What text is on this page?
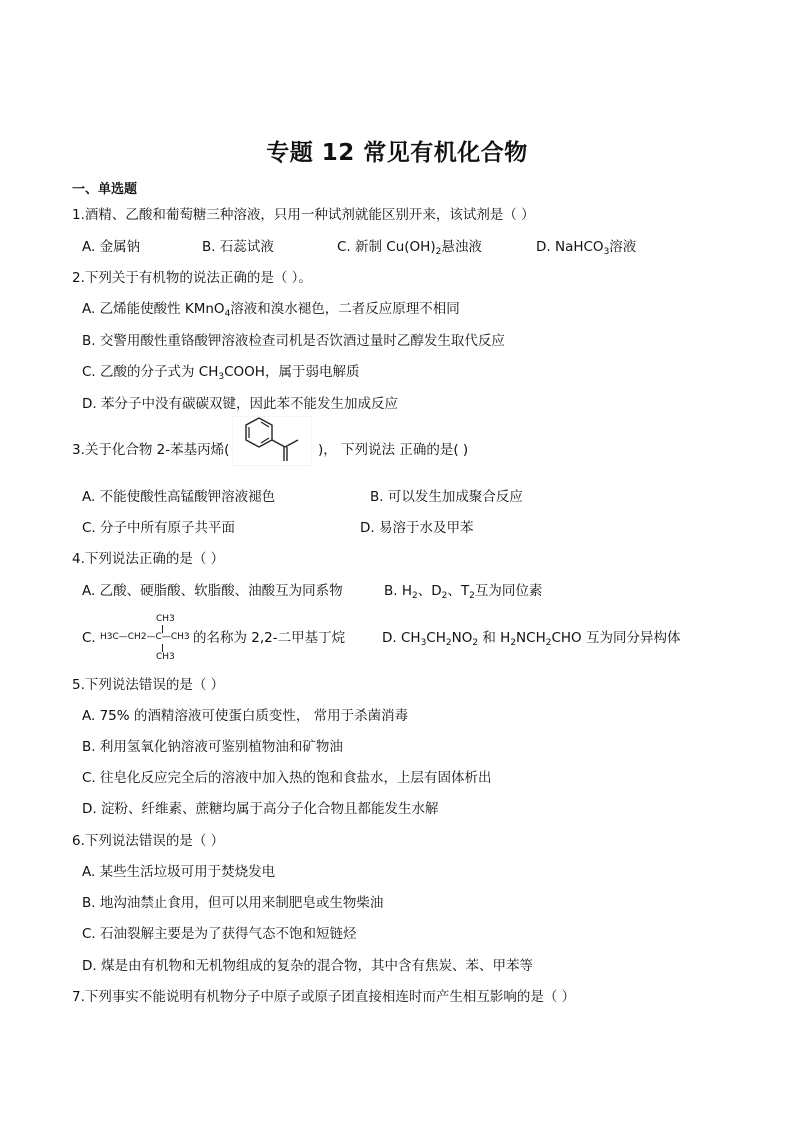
专题 12 常见有机化合物
一、单选题
1.酒精、乙酸和葡萄糖三种溶液，只用一种试剂就能区别开来，该试剂是（ ）
A. 金属钠	B. 石蕊试液	C. 新制 $Cu(OH)_2$悬浊液	D. NaHCO$_3$溶液
2.下列关于有机物的说法正确的是（ ）。
A. 乙烯能使酸性 KMnO$_4$溶液和溴水褪色，二者反应原理不相同
B. 交警用酸性重铬酸钾溶液检查司机是否饮酒过量时乙醇发生取代反应
C. 乙酸的分子式为 $CH_3COOH$，属于弱电解质
D. 苯分子中没有碳碳双键，因此苯不能发生加成反应
3.关于化合物 2-苯基丙烯(	)， 下列说法 正确的是( )
A. 不能使酸性高锰酸钾溶液褪色	B. 可以发生加成聚合反应
C. 分子中所有原子共平面	D. 易溶于水及甲苯
4.下列说法正确的是（ ）
A. 乙酸、硬脂酸、软脂酸、油酸互为同系物	B. $H_2$、$D_2$、$T_2$互为同位素
C.
CH3
H3C—CH2—C—CH3
CH3
的名称为 2,2-二甲基丁烷	D. $CH_3CH_2NO_2$ 和 $H_2NCH_2CHO$ 互为同分异构体
5.下列说法错误的是（ ）
A. 75% 的酒精溶液可使蛋白质变性， 常用于杀菌消毒
B. 利用氢氧化钠溶液可鉴别植物油和矿物油
C. 往皂化反应完全后的溶液中加入热的饱和食盐水，上层有固体析出
D. 淀粉、纤维素、蔗糖均属于高分子化合物且都能发生水解
6.下列说法错误的是（ ）
A. 某些生活垃圾可用于焚烧发电
B. 地沟油禁止食用，但可以用来制肥皂或生物柴油
C. 石油裂解主要是为了获得气态不饱和短链烃
D. 煤是由有机物和无机物组成的复杂的混合物，其中含有焦炭、苯、甲苯等
7.下列事实不能说明有机物分子中原子或原子团直接相连时而产生相互影响的是（ ）
